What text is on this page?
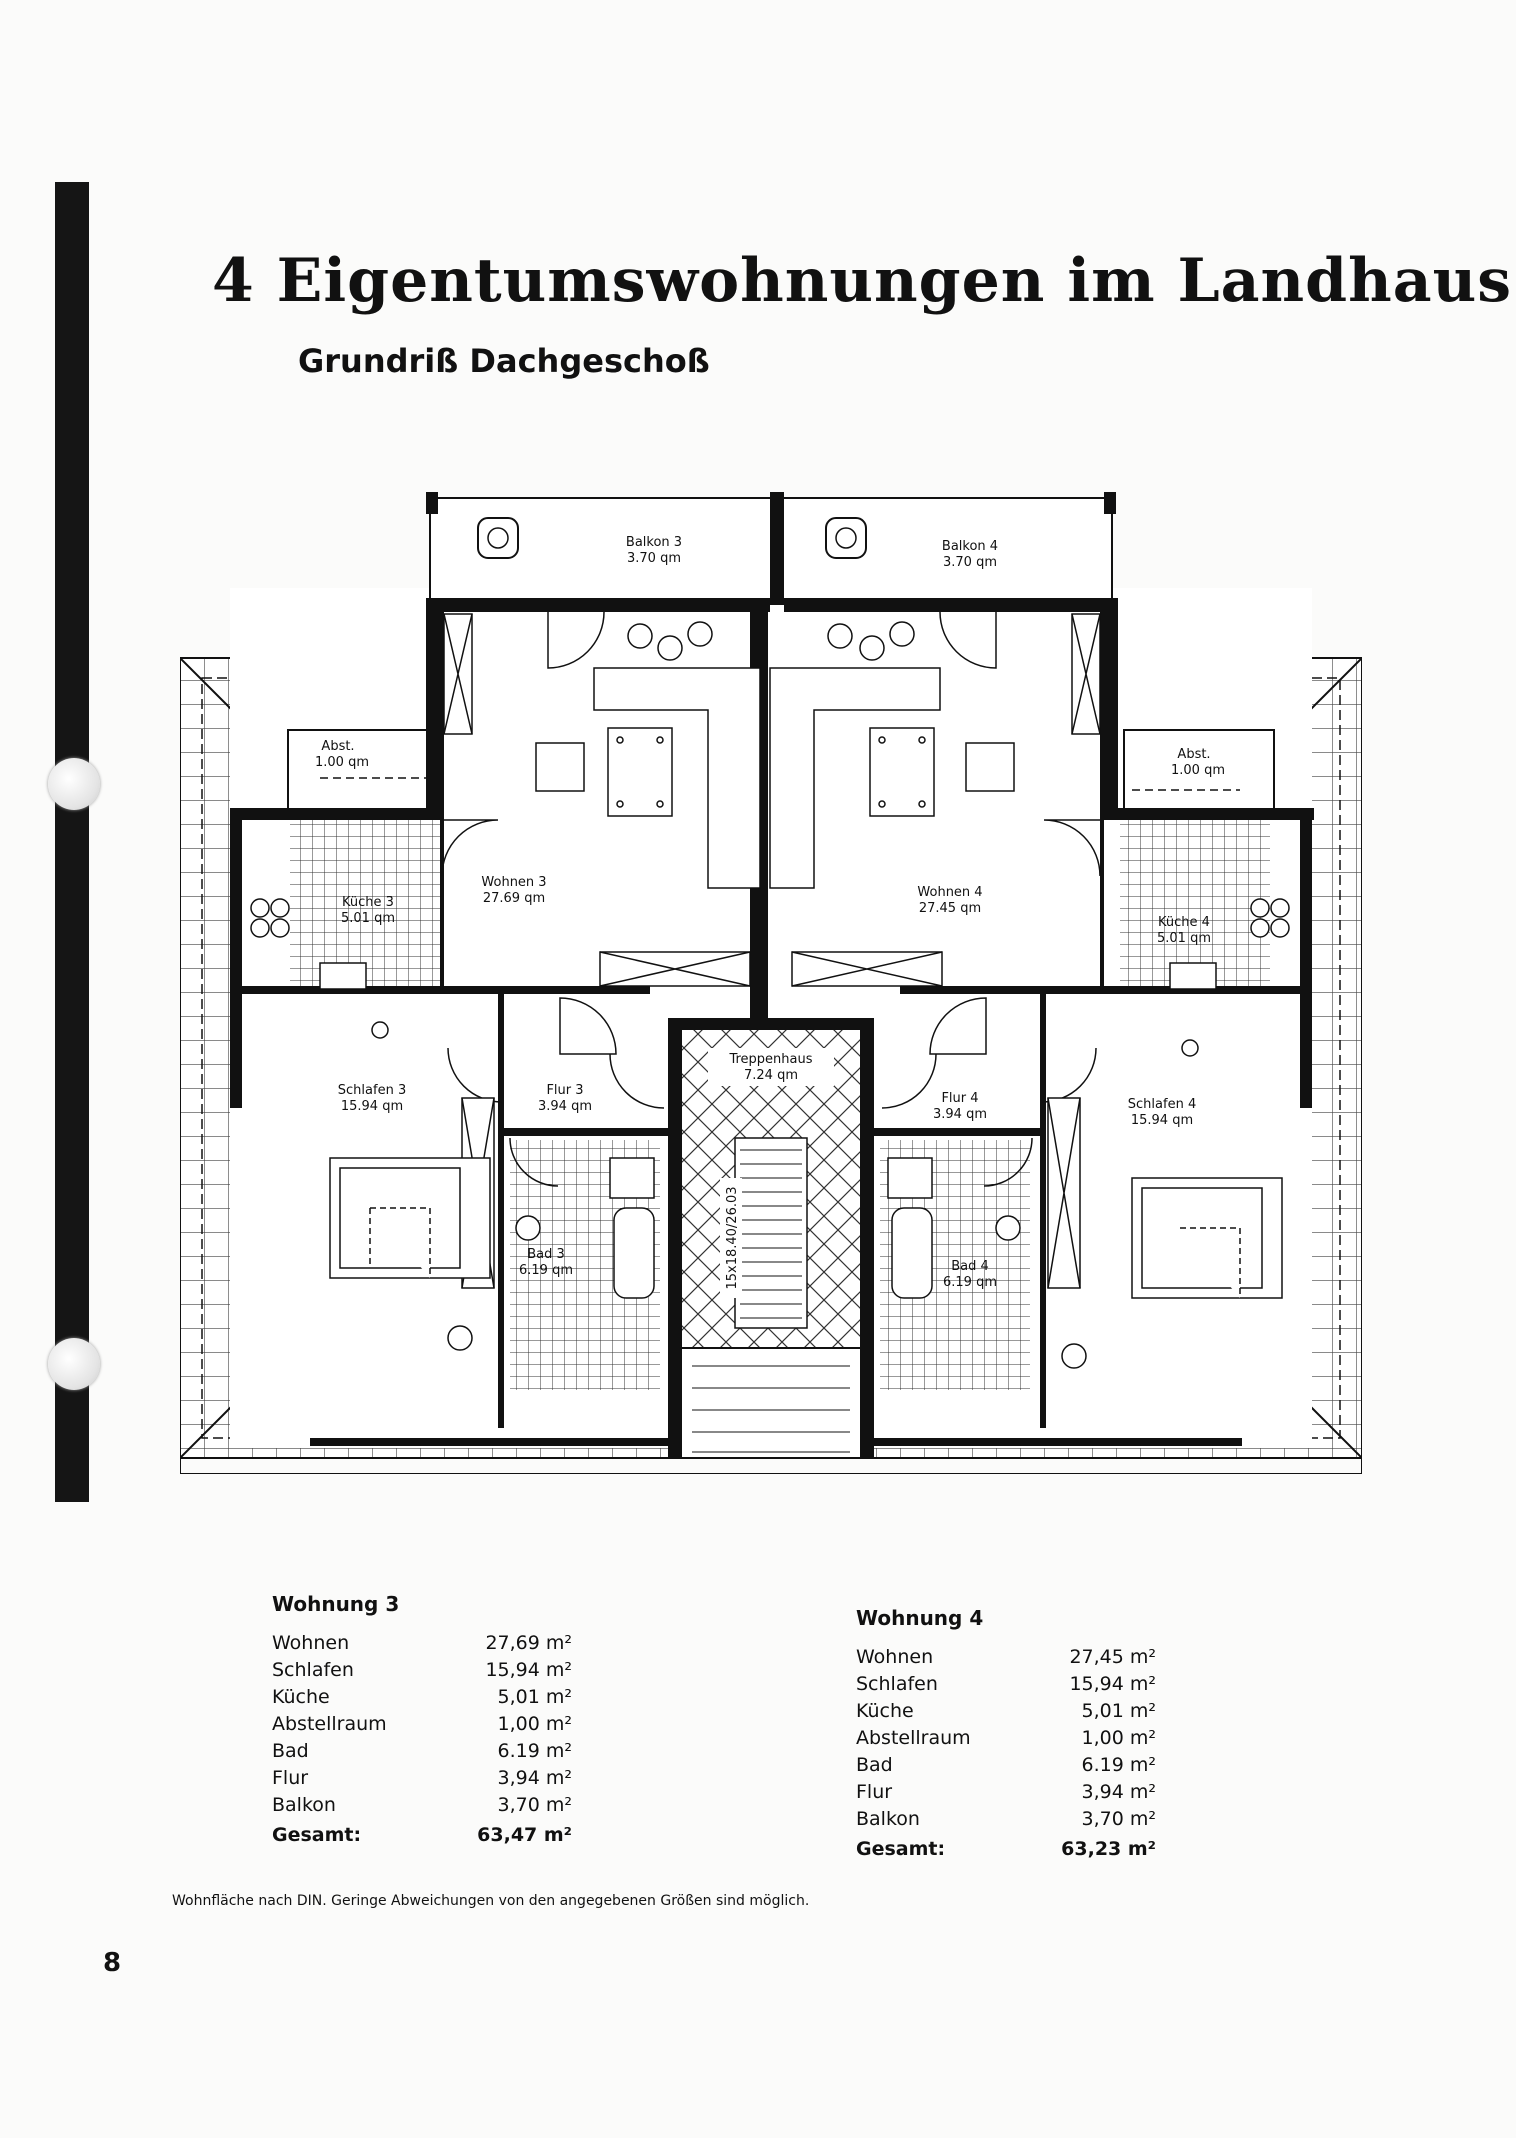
4 Eigentumswohnungen im Landhaus
Grundriß Dachgeschoß
Balkon 3
3.70 qm
Balkon 4
3.70 qm
Abst.
1.00 qm
Abst.
1.00 qm
Küche 3
5.01 qm	Küche 4
5.01 qm
Wohnen 3
27.69 qm	Wohnen 4
27.45 qm
Schlafen 3
15.94 qm	Schlafen 4
15.94 qm
Flur 3
3.94 qm
Flur 4
3.94 qm
Bad 3
6.19 qm	Bad 4
6.19 qm
Treppenhaus
7.24 qm
15x18.40/26.03
Wohnung 3
Wohnen	27,69 m²
Schlafen	15,94 m²
Küche	5,01 m²
Abstellraum	1,00 m²
Bad	6.19 m²
Flur	3,94 m²
Balkon	3,70 m²
Gesamt:	63,47 m²
Wohnung 4
Wohnen	27,45 m²
Schlafen	15,94 m²
Küche	5,01 m²
Abstellraum	1,00 m²
Bad	6.19 m²
Flur	3,94 m²
Balkon	3,70 m²
Gesamt:	63,23 m²
Wohnfläche nach DIN. Geringe Abweichungen von den angegebenen Größen sind möglich.
8
